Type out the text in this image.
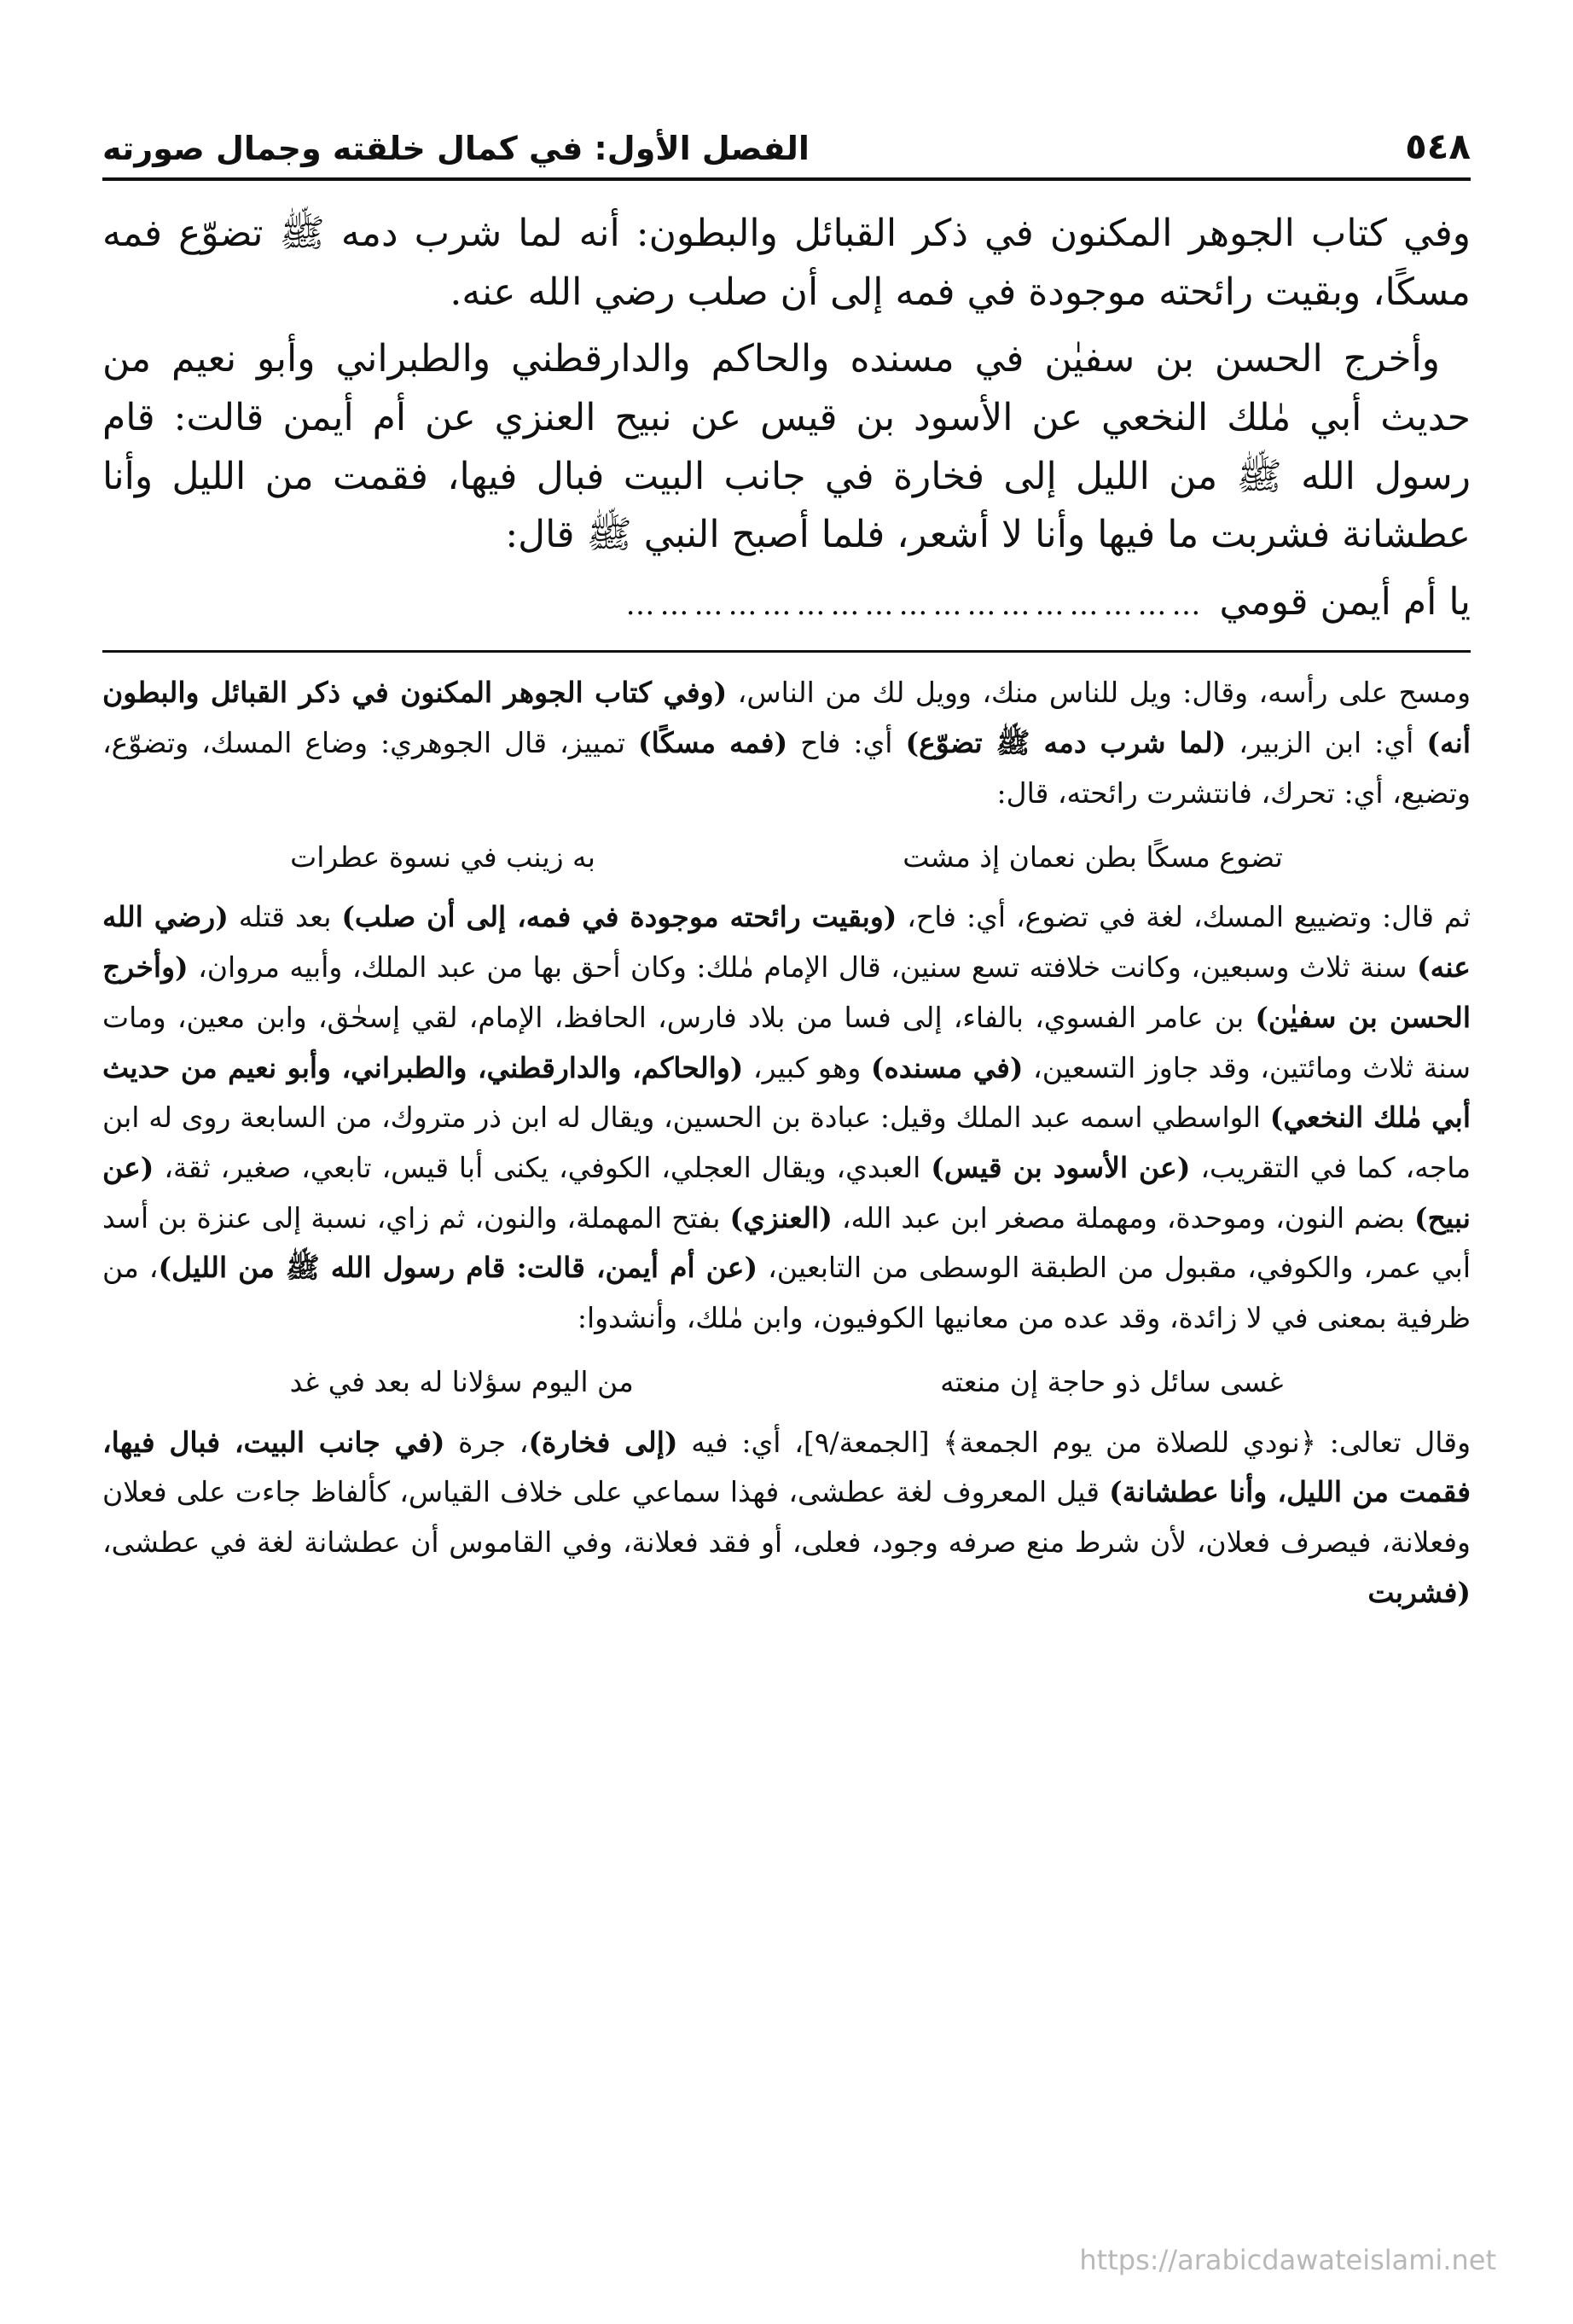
٥٤٨
الفصل الأول: في كمال خلقته وجمال صورته

وفي كتاب الجوهر المكنون في ذكر القبائل والبطون: أنه لما شرب دمه ﷺ تضوّع فمه مسكًا، وبقيت رائحته موجودة في فمه إلى أن صلب رضي الله عنه.

وأخرج الحسن بن سفيٰن في مسنده والحاكم والدارقطني والطبراني وأبو نعيم من حديث أبي مٰلك النخعي عن الأسود بن قيس عن نبيح العنزي عن أم أيمن قالت: قام رسول الله ﷺ من الليل إلى فخارة في جانب البيت فبال فيها، فقمت من الليل وأنا عطشانة فشربت ما فيها وأنا لا أشعر، فلما أصبح النبي ﷺ قال:

يا أم أيمن قومي
……………………………………………

ومسح على رأسه، وقال: ويل للناس منك، وويل لك من الناس، (وفي كتاب الجوهر المكنون في ذكر القبائل والبطون أنه) أي: ابن الزبير، (لما شرب دمه ﷺ تضوّع) أي: فاح (فمه مسكًا) تمييز، قال الجوهري: وضاع المسك، وتضوّع، وتضيع، أي: تحرك، فانتشرت رائحته، قال:

تضوع مسكًا بطن نعمان إذ مشت
به زينب في نسوة عطرات

ثم قال: وتضييع المسك، لغة في تضوع، أي: فاح، (وبقيت رائحته موجودة في فمه، إلى أن صلب) بعد قتله (رضي الله عنه) سنة ثلاث وسبعين، وكانت خلافته تسع سنين، قال الإمام مٰلك: وكان أحق بها من عبد الملك، وأبيه مروان، (وأخرج الحسن بن سفيٰن) بن عامر الفسوي، بالفاء، إلى فسا من بلاد فارس، الحافظ، الإمام، لقي إسحٰق، وابن معين، ومات سنة ثلاث ومائتين، وقد جاوز التسعين، (في مسنده) وهو كبير، (والحاكم، والدارقطني، والطبراني، وأبو نعيم من حديث أبي مٰلك النخعي) الواسطي اسمه عبد الملك وقيل: عبادة بن الحسين، ويقال له ابن ذر متروك، من السابعة روى له ابن ماجه، كما في التقريب، (عن الأسود بن قيس) العبدي، ويقال العجلي، الكوفي، يكنى أبا قيس، تابعي، صغير، ثقة، (عن نبيح) بضم النون، وموحدة، ومهملة مصغر ابن عبد الله، (العنزي) بفتح المهملة، والنون، ثم زاي، نسبة إلى عنزة بن أسد أبي عمر، والكوفي، مقبول من الطبقة الوسطى من التابعين، (عن أم أيمن، قالت: قام رسول الله ﷺ من الليل)، من ظرفية بمعنى في لا زائدة، وقد عده من معانيها الكوفيون، وابن مٰلك، وأنشدوا:

غسى سائل ذو حاجة إن منعته
من اليوم سؤلانا له بعد في غد

وقال تعالى: ﴿نودي للصلاة من يوم الجمعة﴾ [الجمعة/٩]، أي: فيه (إلى فخارة)، جرة (في جانب البيت، فبال فيها، فقمت من الليل، وأنا عطشانة) قيل المعروف لغة عطشى، فهذا سماعي على خلاف القياس، كألفاظ جاءت على فعلان وفعلانة، فيصرف فعلان، لأن شرط منع صرفه وجود، فعلى، أو فقد فعلانة، وفي القاموس أن عطشانة لغة في عطشى، (فشربت

https://arabicdawateislami.net
